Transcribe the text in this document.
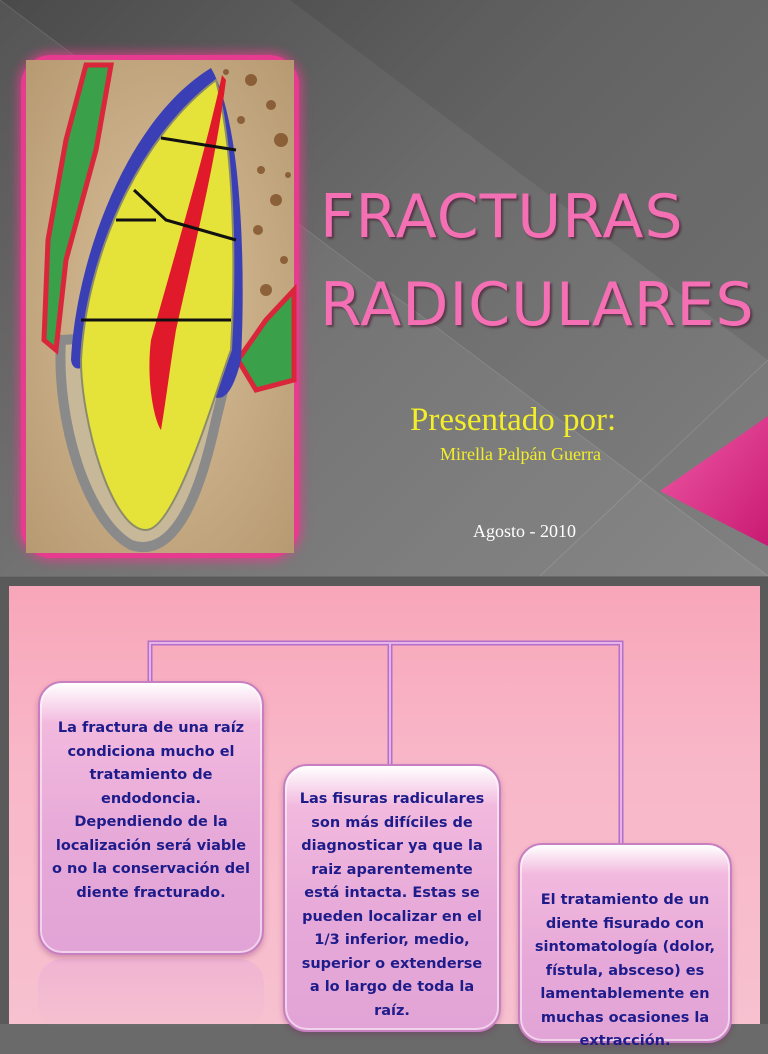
FRACTURAS
RADICULARES
Presentado por:
Mirella Palpán Guerra
Agosto - 2010
La fractura de una raíz condiciona mucho el tratamiento de endodoncia. Dependiendo de la localización será viable o no la conservación del diente fracturado.
Las fisuras radiculares son más difíciles de diagnosticar ya que la raiz aparentemente está intacta. Estas se pueden localizar en el 1/3 inferior, medio, superior o extenderse a lo largo de toda la raíz.
El tratamiento de un diente fisurado con sintomatología (dolor, fístula, absceso) es lamentablemente en muchas ocasiones la extracción.
